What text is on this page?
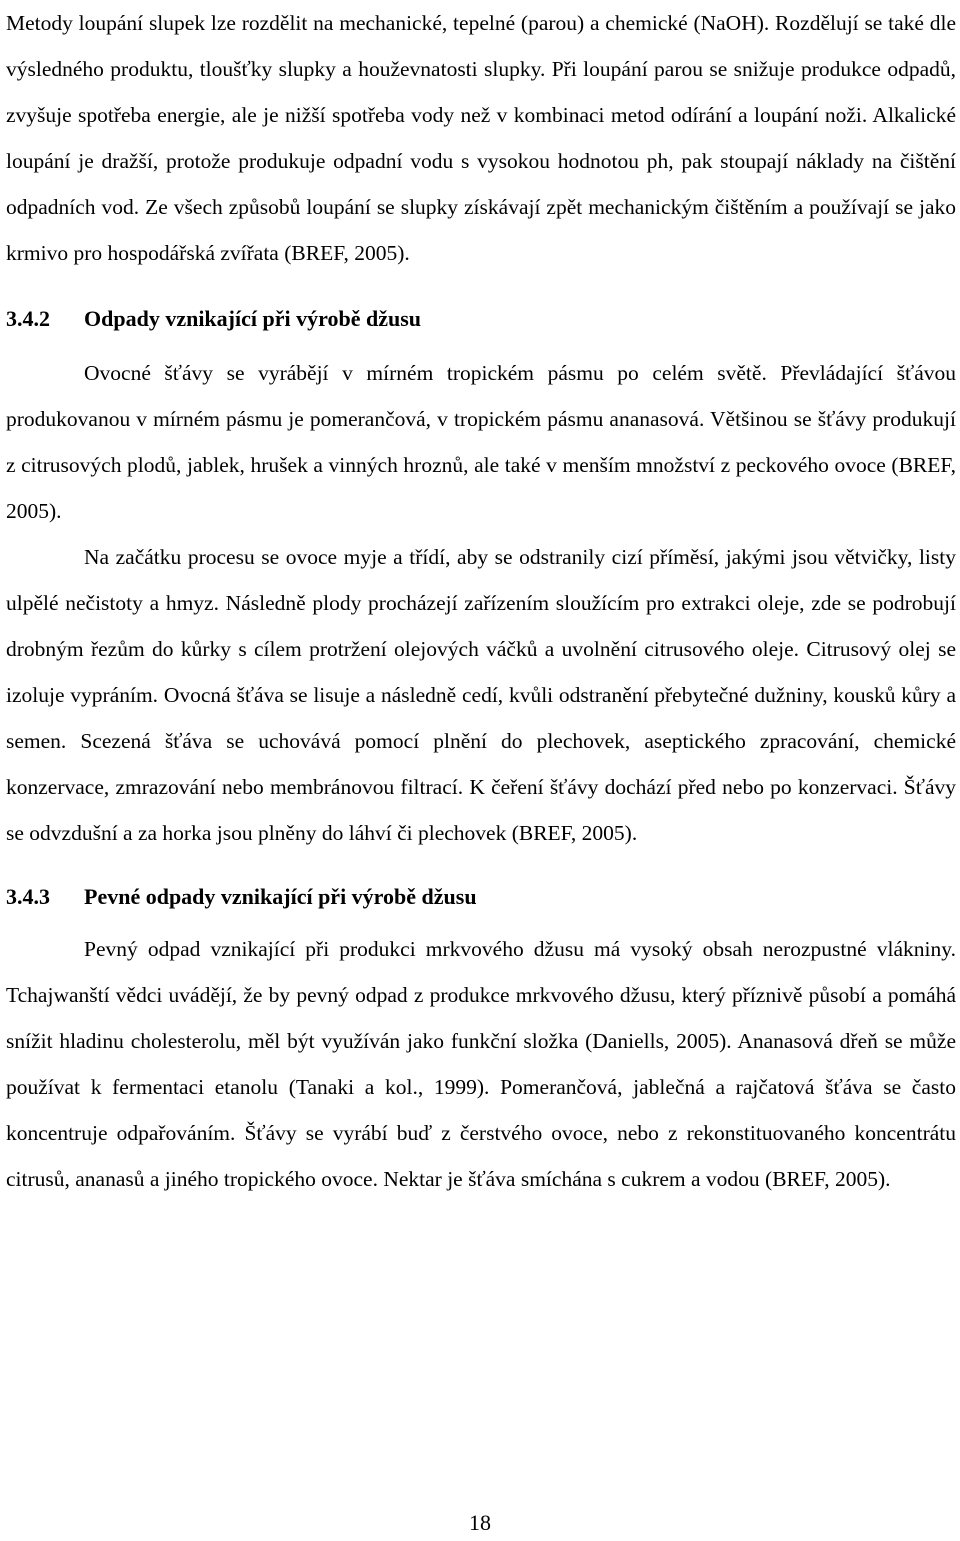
Metody loupání slupek lze rozdělit na mechanické, tepelné (parou) a chemické (NaOH). Rozdělují se také dle výsledného produktu, tloušťky slupky a houževnatosti slupky. Při loupání parou se snižuje produkce odpadů, zvyšuje spotřeba energie, ale je nižší spotřeba vody než v kombinaci metod odírání a loupání noži. Alkalické loupání je dražší, protože produkuje odpadní vodu s vysokou hodnotou ph, pak stoupají náklady na čištění odpadních vod. Ze všech způsobů loupání se slupky získávají zpět mechanickým čištěním a používají se jako krmivo pro hospodářská zvířata (BREF, 2005).

3.4.2 Odpady vznikající při výrobě džusu

Ovocné šťávy se vyrábějí v mírném tropickém pásmu po celém světě. Převládající šťávou produkovanou v mírném pásmu je pomerančová, v tropickém pásmu ananasová. Většinou se šťávy produkují z citrusových plodů, jablek, hrušek a vinných hroznů, ale také v menším množství z peckového ovoce (BREF, 2005).

Na začátku procesu se ovoce myje a třídí, aby se odstranily cizí příměsí, jakými jsou větvičky, listy ulpělé nečistoty a hmyz. Následně plody procházejí zařízením sloužícím pro extrakci oleje, zde se podrobují drobným řezům do kůrky s cílem protržení olejových váčků a uvolnění citrusového oleje. Citrusový olej se izoluje vypráním. Ovocná šťáva se lisuje a následně cedí, kvůli odstranění přebytečné dužniny, kousků kůry a semen. Scezená šťáva se uchovává pomocí plnění do plechovek, aseptického zpracování, chemické konzervace, zmrazování nebo membránovou filtrací. K čeření šťávy dochází před nebo po konzervaci. Šťávy se odvzdušní a za horka jsou plněny do láhví či plechovek (BREF, 2005).

3.4.3 Pevné odpady vznikající při výrobě džusu

Pevný odpad vznikající při produkci mrkvového džusu má vysoký obsah nerozpustné vlákniny. Tchajwanští vědci uvádějí, že by pevný odpad z produkce mrkvového džusu, který příznivě působí a pomáhá snížit hladinu cholesterolu, měl být využíván jako funkční složka (Daniells, 2005). Ananasová dřeň se může používat k fermentaci etanolu (Tanaki a kol., 1999). Pomerančová, jablečná a rajčatová šťáva se často koncentruje odpařováním. Šťávy se vyrábí buď z čerstvého ovoce, nebo z rekonstituovaného koncentrátu citrusů, ananasů a jiného tropického ovoce. Nektar je šťáva smíchána s cukrem a vodou (BREF, 2005).

18
